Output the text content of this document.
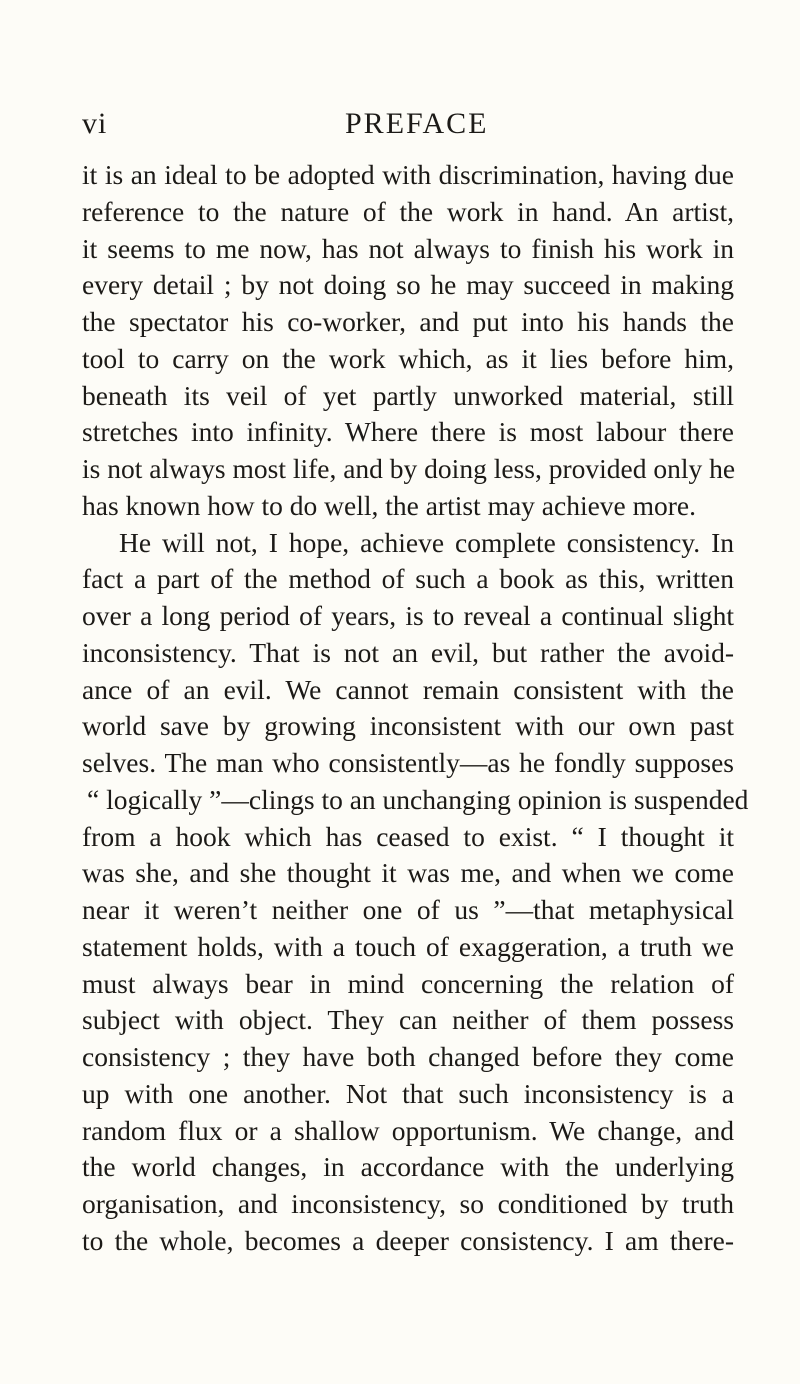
vi	PREFACE
it is an ideal to be adopted with discrimination, having due
reference to the nature of the work in hand. An artist,
it seems to me now, has not always to finish his work in
every detail ; by not doing so he may succeed in making
the spectator his co-worker, and put into his hands the
tool to carry on the work which, as it lies before him,
beneath its veil of yet partly unworked material, still
stretches into infinity. Where there is most labour there
is not always most life, and by doing less, provided only he
has known how to do well, the artist may achieve more.
He will not, I hope, achieve complete consistency. In
fact a part of the method of such a book as this, written
over a long period of years, is to reveal a continual slight
inconsistency. That is not an evil, but rather the avoid-
ance of an evil. We cannot remain consistent with the
world save by growing inconsistent with our own past
selves. The man who consistently—as he fondly supposes
“ logically ”—clings to an unchanging opinion is suspended
from a hook which has ceased to exist. “ I thought it
was she, and she thought it was me, and when we come
near it weren’t neither one of us ”—that metaphysical
statement holds, with a touch of exaggeration, a truth we
must always bear in mind concerning the relation of
subject with object. They can neither of them possess
consistency ; they have both changed before they come
up with one another. Not that such inconsistency is a
random flux or a shallow opportunism. We change, and
the world changes, in accordance with the underlying
organisation, and inconsistency, so conditioned by truth
to the whole, becomes a deeper consistency. I am there-
